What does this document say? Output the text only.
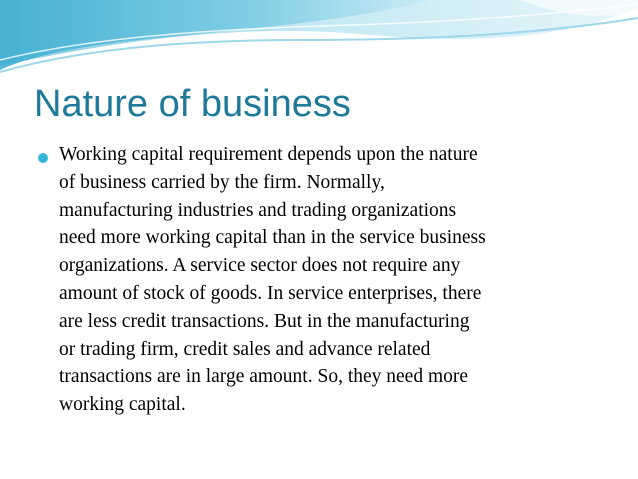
Nature of business

Working capital requirement depends upon the nature
of business carried by the firm. Normally,
manufacturing industries and trading organizations
need more working capital than in the service business
organizations. A service sector does not require any
amount of stock of goods. In service enterprises, there
are less credit transactions. But in the manufacturing
or trading firm, credit sales and advance related
transactions are in large amount. So, they need more
working capital.
